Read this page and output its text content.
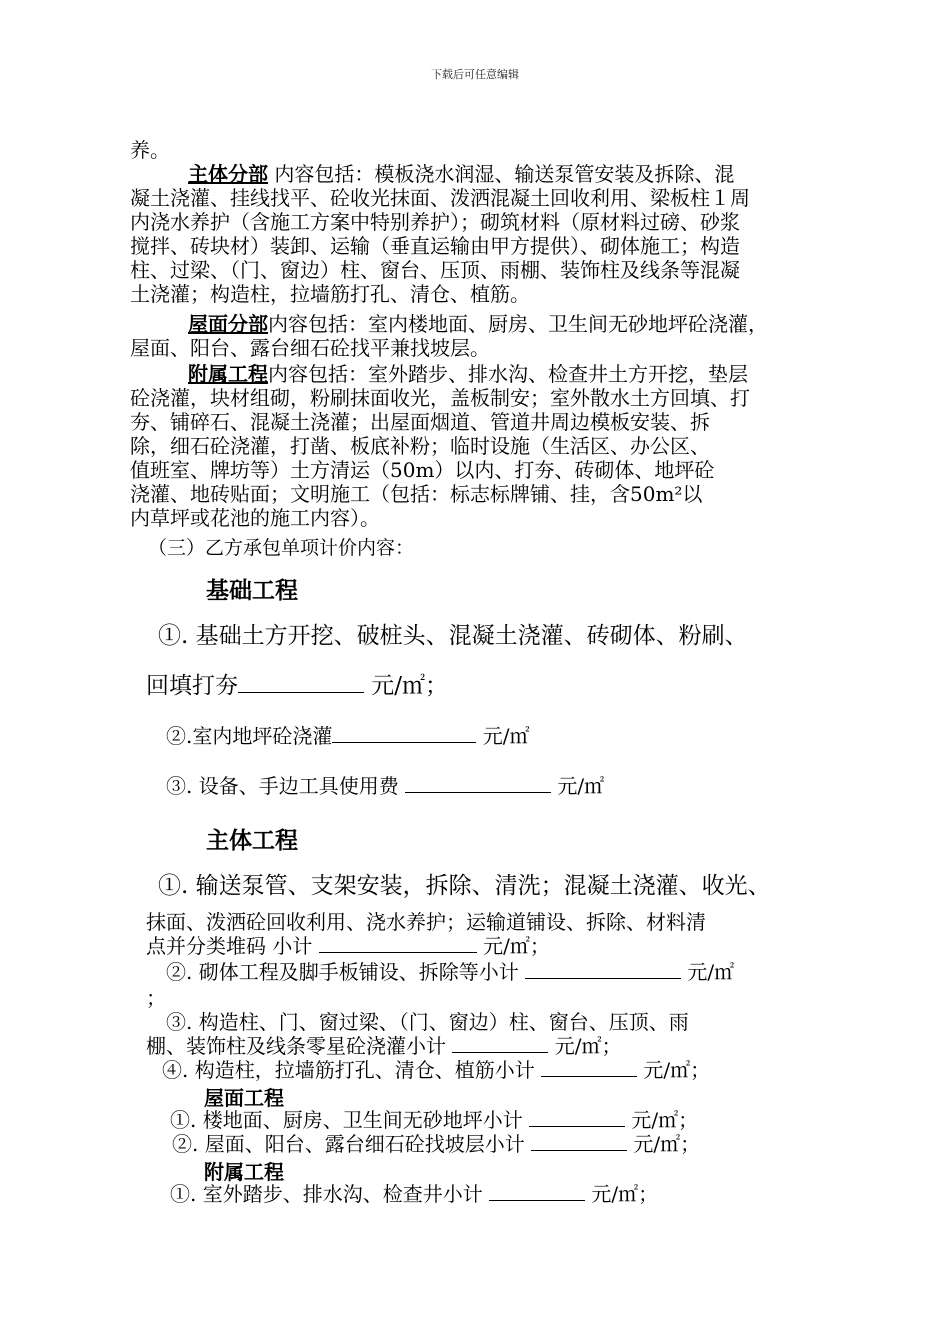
下载后可任意编辑
养。
主体分部 内容包括：模板浇水润湿、输送泵管安装及拆除、混
凝土浇灌、挂线找平、砼收光抹面、泼洒混凝土回收利用、梁板柱１周
内浇水养护（含施工方案中特别养护）；砌筑材料（原材料过磅、砂浆
搅拌、砖块材）装卸、运输（垂直运输由甲方提供）、砌体施工；构造
柱、过梁、（门、窗边）柱、窗台、压顶、雨棚、装饰柱及线条等混凝
土浇灌；构造柱，拉墙筋打孔、清仓、植筋。
屋面分部内容包括：室内楼地面、厨房、卫生间无砂地坪砼浇灌，
屋面、阳台、露台细石砼找平兼找坡层。
附属工程内容包括：室外踏步、排水沟、检查井土方开挖，垫层
砼浇灌，块材组砌，粉刷抹面收光，盖板制安；室外散水土方回填、打
夯、铺碎石、混凝土浇灌；出屋面烟道、管道井周边模板安装、拆
除，细石砼浇灌，打凿、板底补粉；临时设施（生活区、办公区、
值班室、牌坊等）土方清运（50m）以内、打夯、砖砌体、地坪砼
浇灌、地砖贴面；文明施工（包括：标志标牌铺、挂，含50m²以
内草坪或花池的施工内容）。
（三）乙方承包单项计价内容：
基础工程
①. 基础土方开挖、破桩头、混凝土浇灌、砖砌体、粉刷、
回填打夯	元/㎡；
②.室内地坪砼浇灌	元/㎡
③. 设备、手边工具使用费	元/㎡
主体工程
①. 输送泵管、支架安装，拆除、清洗；混凝土浇灌、收光、
抹面、泼洒砼回收利用、浇水养护；运输道铺设、拆除、材料清
点并分类堆码 小计	元/㎡；
②. 砌体工程及脚手板铺设、拆除等小计	元/㎡
；
③. 构造柱、门、窗过梁、（门、窗边）柱、窗台、压顶、雨
棚、装饰柱及线条零星砼浇灌小计	元/㎡；
④. 构造柱，拉墙筋打孔、清仓、植筋小计	元/㎡；
屋面工程
①. 楼地面、厨房、卫生间无砂地坪小计	元/㎡；
②. 屋面、阳台、露台细石砼找坡层小计	元/㎡；
附属工程
①. 室外踏步、排水沟、检查井小计	元/㎡；
